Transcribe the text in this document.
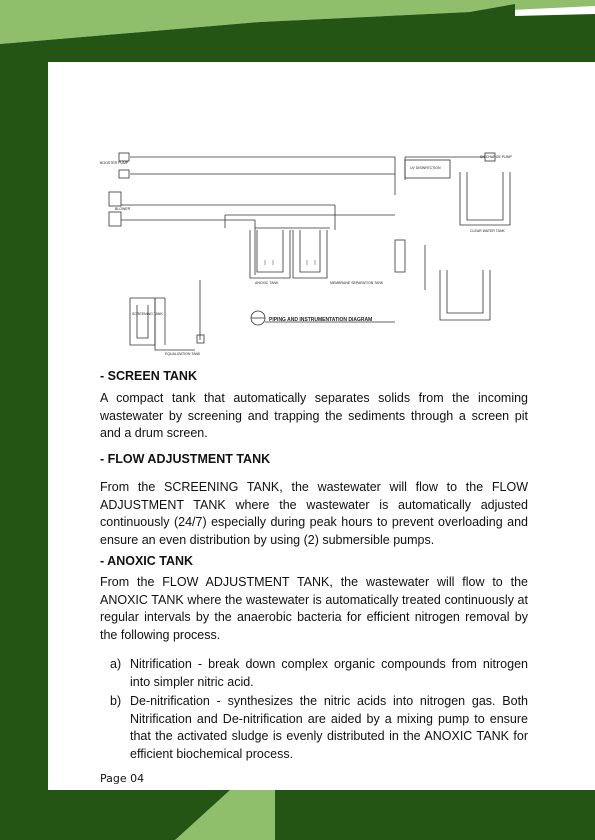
BOOSTER PUMP
BLOWER
UV DISINFECTION
DISCHARGE PUMP
CLEAR WATER TANK
ANOXIC TANK	MEMBRANE SEPARATION TANK
SCREENING TANK
EQUALIZATION TANK
PIPING AND INSTRUMENTATION DIAGRAM
- SCREEN TANK

A compact tank that automatically separates solids from the incoming wastewater by screening and trapping the sediments through a screen pit and a drum screen.

- FLOW ADJUSTMENT TANK

From the SCREENING TANK, the wastewater will flow to the FLOW ADJUSTMENT TANK where the wastewater is automatically adjusted continuously (24/7) especially during peak hours to prevent overloading and ensure an even distribution by using (2) submersible pumps.

- ANOXIC TANK

From the FLOW ADJUSTMENT TANK, the wastewater will flow to the ANOXIC TANK where the wastewater is automatically treated continuously at regular intervals by the anaerobic bacteria for efficient nitrogen removal by the following process.

a) Nitrification - break down complex organic compounds from nitrogen into simpler nitric acid.
b) De-nitrification - synthesizes the nitric acids into nitrogen gas. Both Nitrification and De-nitrification are aided by a mixing pump to ensure that the activated sludge is evenly distributed in the ANOXIC TANK for efficient biochemical process.
Page 04
